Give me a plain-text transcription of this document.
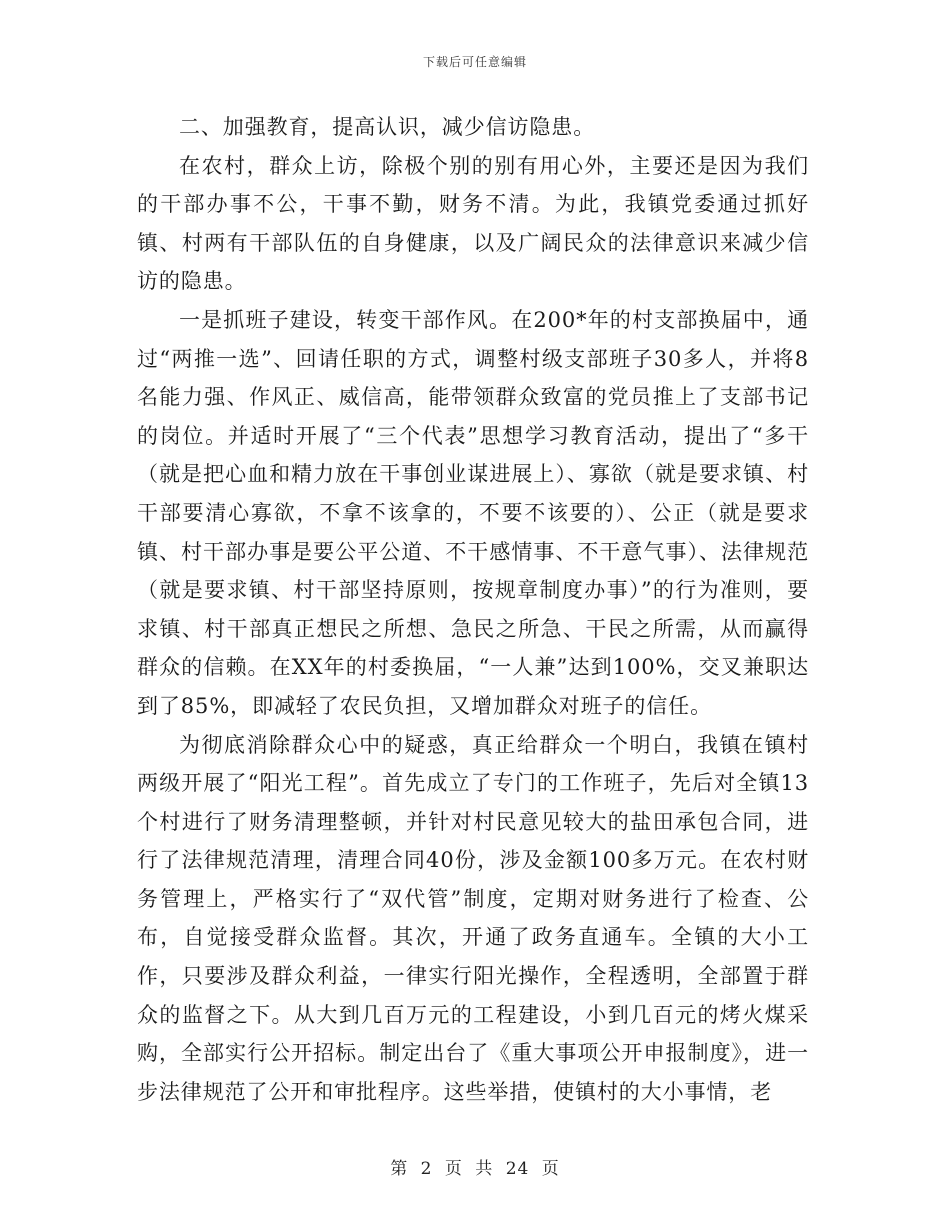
下载后可任意编辑

二、加强教育，提高认识，减少信访隐患。

在农村，群众上访，除极个别的别有用心外，主要还是因为我们的干部办事不公，干事不勤，财务不清。为此，我镇党委通过抓好镇、村两有干部队伍的自身健康，以及广阔民众的法律意识来减少信访的隐患。

一是抓班子建设，转变干部作风。在200*年的村支部换届中，通过“两推一选”、回请任职的方式，调整村级支部班子30多人，并将8名能力强、作风正、威信高，能带领群众致富的党员推上了支部书记的岗位。并适时开展了“三个代表”思想学习教育活动，提出了“多干（就是把心血和精力放在干事创业谋进展上）、寡欲（就是要求镇、村干部要清心寡欲，不拿不该拿的，不要不该要的）、公正（就是要求镇、村干部办事是要公平公道、不干感情事、不干意气事）、法律规范（就是要求镇、村干部坚持原则，按规章制度办事）”的行为准则，要求镇、村干部真正想民之所想、急民之所急、干民之所需，从而赢得群众的信赖。在XX年的村委换届，“一人兼”达到100%，交叉兼职达到了85%，即减轻了农民负担，又增加群众对班子的信任。

为彻底消除群众心中的疑惑，真正给群众一个明白，我镇在镇村两级开展了“阳光工程”。首先成立了专门的工作班子，先后对全镇13个村进行了财务清理整顿，并针对村民意见较大的盐田承包合同，进行了法律规范清理，清理合同40份，涉及金额100多万元。在农村财务管理上，严格实行了“双代管”制度，定期对财务进行了检查、公布，自觉接受群众监督。其次，开通了政务直通车。全镇的大小工作，只要涉及群众利益，一律实行阳光操作，全程透明，全部置于群众的监督之下。从大到几百万元的工程建设，小到几百元的烤火煤采购，全部实行公开招标。制定出台了《重大事项公开申报制度》，进一步法律规范了公开和审批程序。这些举措，使镇村的大小事情，老

第 2 页 共 24 页
